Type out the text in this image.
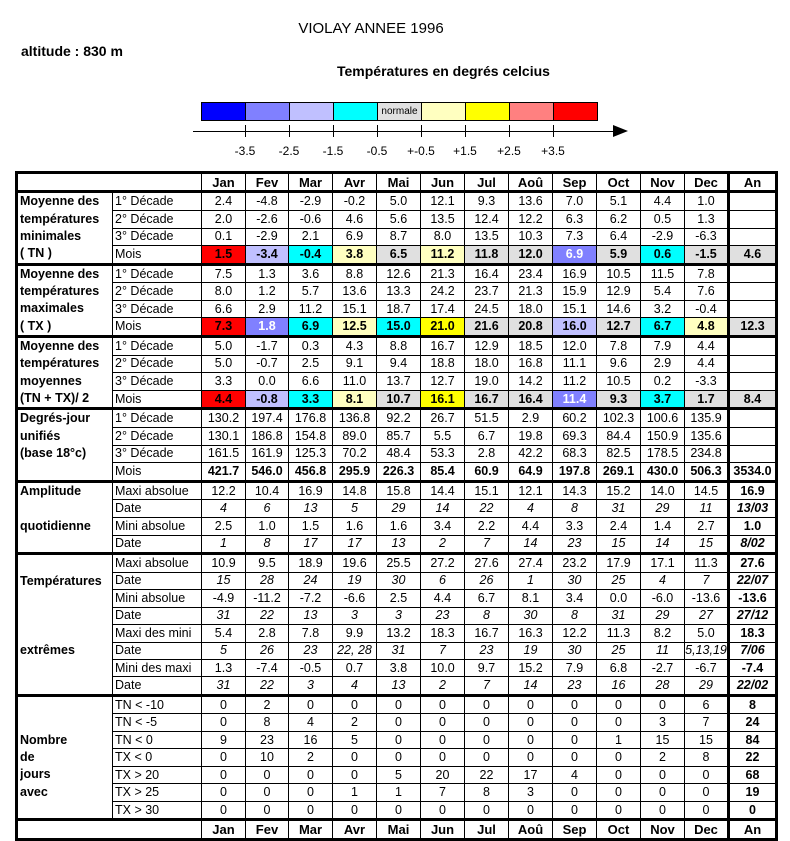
VIOLAY ANNEE 1996
altitude : 830 m
Températures en degrés celcius
normale
-3.5	-2.5	-1.5	-0.5	+-0.5	+1.5	+2.5	+3.5
		Jan	Fev	Mar	Avr	Mai	Jun	Jul	Aoû	Sep	Oct	Nov	Dec	An

Moyenne des
températures
minimales
( TN )	1° Décade	2.4	-4.8	-2.9	-0.2	5.0	12.1	9.3	13.6	7.0	5.1	4.4	1.0	
	2° Décade	2.0	-2.6	-0.6	4.6	5.6	13.5	12.4	12.2	6.3	6.2	0.5	1.3	
	3° Décade	0.1	-2.9	2.1	6.9	8.7	8.0	13.5	10.3	7.3	6.4	-2.9	-6.3	
	Mois	1.5	-3.4	-0.4	3.8	6.5	11.2	11.8	12.0	6.9	5.9	0.6	-1.5	4.6

Moyenne des
températures
maximales
( TX )	1° Décade	7.5	1.3	3.6	8.8	12.6	21.3	16.4	23.4	16.9	10.5	11.5	7.8	
	2° Décade	8.0	1.2	5.7	13.6	13.3	24.2	23.7	21.3	15.9	12.9	5.4	7.6	
	3° Décade	6.6	2.9	11.2	15.1	18.7	17.4	24.5	18.0	15.1	14.6	3.2	-0.4	
	Mois	7.3	1.8	6.9	12.5	15.0	21.0	21.6	20.8	16.0	12.7	6.7	4.8	12.3

Moyenne des
températures
moyennes
(TN + TX)/ 2	1° Décade	5.0	-1.7	0.3	4.3	8.8	16.7	12.9	18.5	12.0	7.8	7.9	4.4	
	2° Décade	5.0	-0.7	2.5	9.1	9.4	18.8	18.0	16.8	11.1	9.6	2.9	4.4	
	3° Décade	3.3	0.0	6.6	11.0	13.7	12.7	19.0	14.2	11.2	10.5	0.2	-3.3	
	Mois	4.4	-0.8	3.3	8.1	10.7	16.1	16.7	16.4	11.4	9.3	3.7	1.7	8.4

Degrés-jour
unifiés
(base 18°c)	1° Décade	130.2	197.4	176.8	136.8	92.2	26.7	51.5	2.9	60.2	102.3	100.6	135.9	
	2° Décade	130.1	186.8	154.8	89.0	85.7	5.5	6.7	19.8	69.3	84.4	150.9	135.6	
	3° Décade	161.5	161.9	125.3	70.2	48.4	53.3	2.8	42.2	68.3	82.5	178.5	234.8	
	Mois	421.7	546.0	456.8	295.9	226.3	85.4	60.9	64.9	197.8	269.1	430.0	506.3	3534.0

Amplitude
quotidienne	Maxi absolue	12.2	10.4	16.9	14.8	15.8	14.4	15.1	12.1	14.3	15.2	14.0	14.5	16.9
	Date	4	6	13	5	29	14	22	4	8	31	29	11	13/03
	Mini absolue	2.5	1.0	1.5	1.6	1.6	3.4	2.2	4.4	3.3	2.4	1.4	2.7	1.0
	Date	1	8	17	17	13	2	7	14	23	15	14	15	8/02

Températures
extrêmes	Maxi absolue	10.9	9.5	18.9	19.6	25.5	27.2	27.6	27.4	23.2	17.9	17.1	11.3	27.6
	Date	15	28	24	19	30	6	26	1	30	25	4	7	22/07
	Mini absolue	-4.9	-11.2	-7.2	-6.6	2.5	4.4	6.7	8.1	3.4	0.0	-6.0	-13.6	-13.6
	Date	31	22	13	3	3	23	8	30	8	31	29	27	27/12
	Maxi des mini	5.4	2.8	7.8	9.9	13.2	18.3	16.7	16.3	12.2	11.3	8.2	5.0	18.3
	Date	5	26	23	22, 28	31	7	23	19	30	25	11	5,13,19	7/06
	Mini des maxi	1.3	-7.4	-0.5	0.7	3.8	10.0	9.7	15.2	7.9	6.8	-2.7	-6.7	-7.4
	Date	31	22	3	4	13	2	7	14	23	16	28	29	22/02

Nombre
de
jours
avec	TN < -10	0	2	0	0	0	0	0	0	0	0	0	6	8
	TN < -5	0	8	4	2	0	0	0	0	0	0	3	7	24
	TN < 0	9	23	16	5	0	0	0	0	0	1	15	15	84
	TX < 0	0	10	2	0	0	0	0	0	0	0	2	8	22
	TX > 20	0	0	0	0	5	20	22	17	4	0	0	0	68
	TX > 25	0	0	0	1	1	7	8	3	0	0	0	0	19
	TX > 30	0	0	0	0	0	0	0	0	0	0	0	0	0
		Jan	Fev	Mar	Avr	Mai	Jun	Jul	Aoû	Sep	Oct	Nov	Dec	An
